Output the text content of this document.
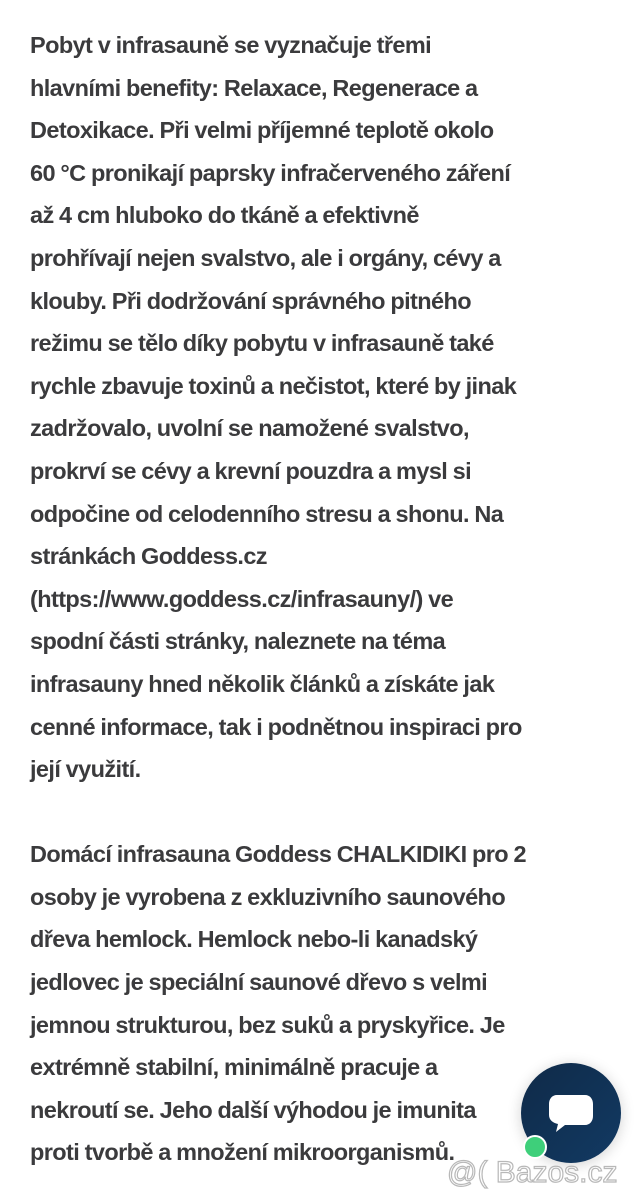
Pobyt v infrasauně se vyznačuje třemi
hlavními benefity: Relaxace, Regenerace a
Detoxikace. Při velmi příjemné teplotě okolo
60 °C pronikají paprsky infračerveného záření
až 4 cm hluboko do tkáně a efektivně
prohřívají nejen svalstvo, ale i orgány, cévy a
klouby. Při dodržování správného pitného
režimu se tělo díky pobytu v infrasauně také
rychle zbavuje toxinů a nečistot, které by jinak
zadržovalo, uvolní se namožené svalstvo,
prokrví se cévy a krevní pouzdra a mysl si
odpočine od celodenního stresu a shonu. Na
stránkách Goddess.cz
(https://www.goddess.cz/infrasauny/) ve
spodní části stránky, naleznete na téma
infrasauny hned několik článků a získáte jak
cenné informace, tak i podnětnou inspiraci pro
její využití.
Domácí infrasauna Goddess CHALKIDIKI pro 2
osoby je vyrobena z exkluzivního saunového
dřeva hemlock. Hemlock nebo-li kanadský
jedlovec je speciální saunové dřevo s velmi
jemnou strukturou, bez suků a pryskyřice. Je
extrémně stabilní, minimálně pracuje a
nekroutí se. Jeho další výhodou je imunita
proti tvorbě a množení mikroorganismů.
@( Bazos.cz
